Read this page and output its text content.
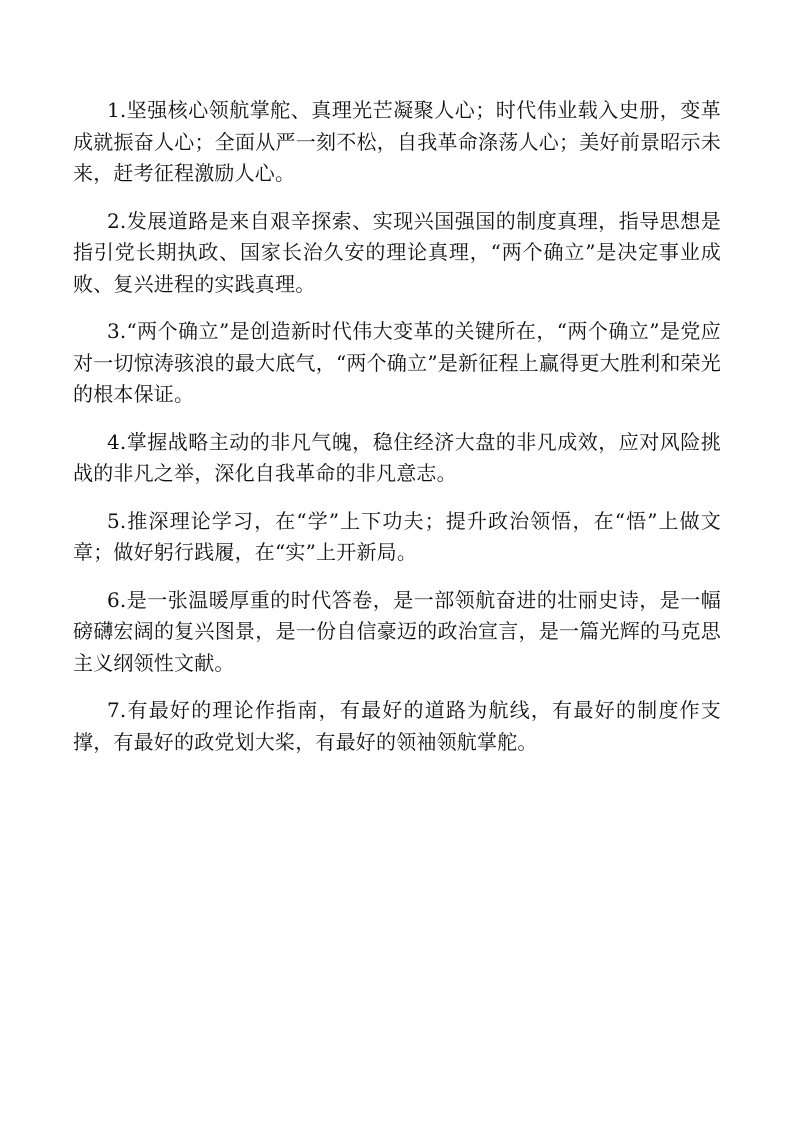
1.坚强核心领航掌舵、真理光芒凝聚人心；时代伟业载入史册，变革成就振奋人心；全面从严一刻不松，自我革命涤荡人心；美好前景昭示未来，赶考征程激励人心。

2.发展道路是来自艰辛探索、实现兴国强国的制度真理，指导思想是指引党长期执政、国家长治久安的理论真理，“两个确立”是决定事业成败、复兴进程的实践真理。

3.“两个确立”是创造新时代伟大变革的关键所在，“两个确立”是党应对一切惊涛骇浪的最大底气，“两个确立”是新征程上赢得更大胜利和荣光的根本保证。

4.掌握战略主动的非凡气魄，稳住经济大盘的非凡成效，应对风险挑战的非凡之举，深化自我革命的非凡意志。

5.推深理论学习，在“学”上下功夫；提升政治领悟，在“悟”上做文章；做好躬行践履，在“实”上开新局。

6.是一张温暖厚重的时代答卷，是一部领航奋进的壮丽史诗，是一幅磅礴宏阔的复兴图景，是一份自信豪迈的政治宣言，是一篇光辉的马克思主义纲领性文献。

7.有最好的理论作指南，有最好的道路为航线，有最好的制度作支撑，有最好的政党划大桨，有最好的领袖领航掌舵。
